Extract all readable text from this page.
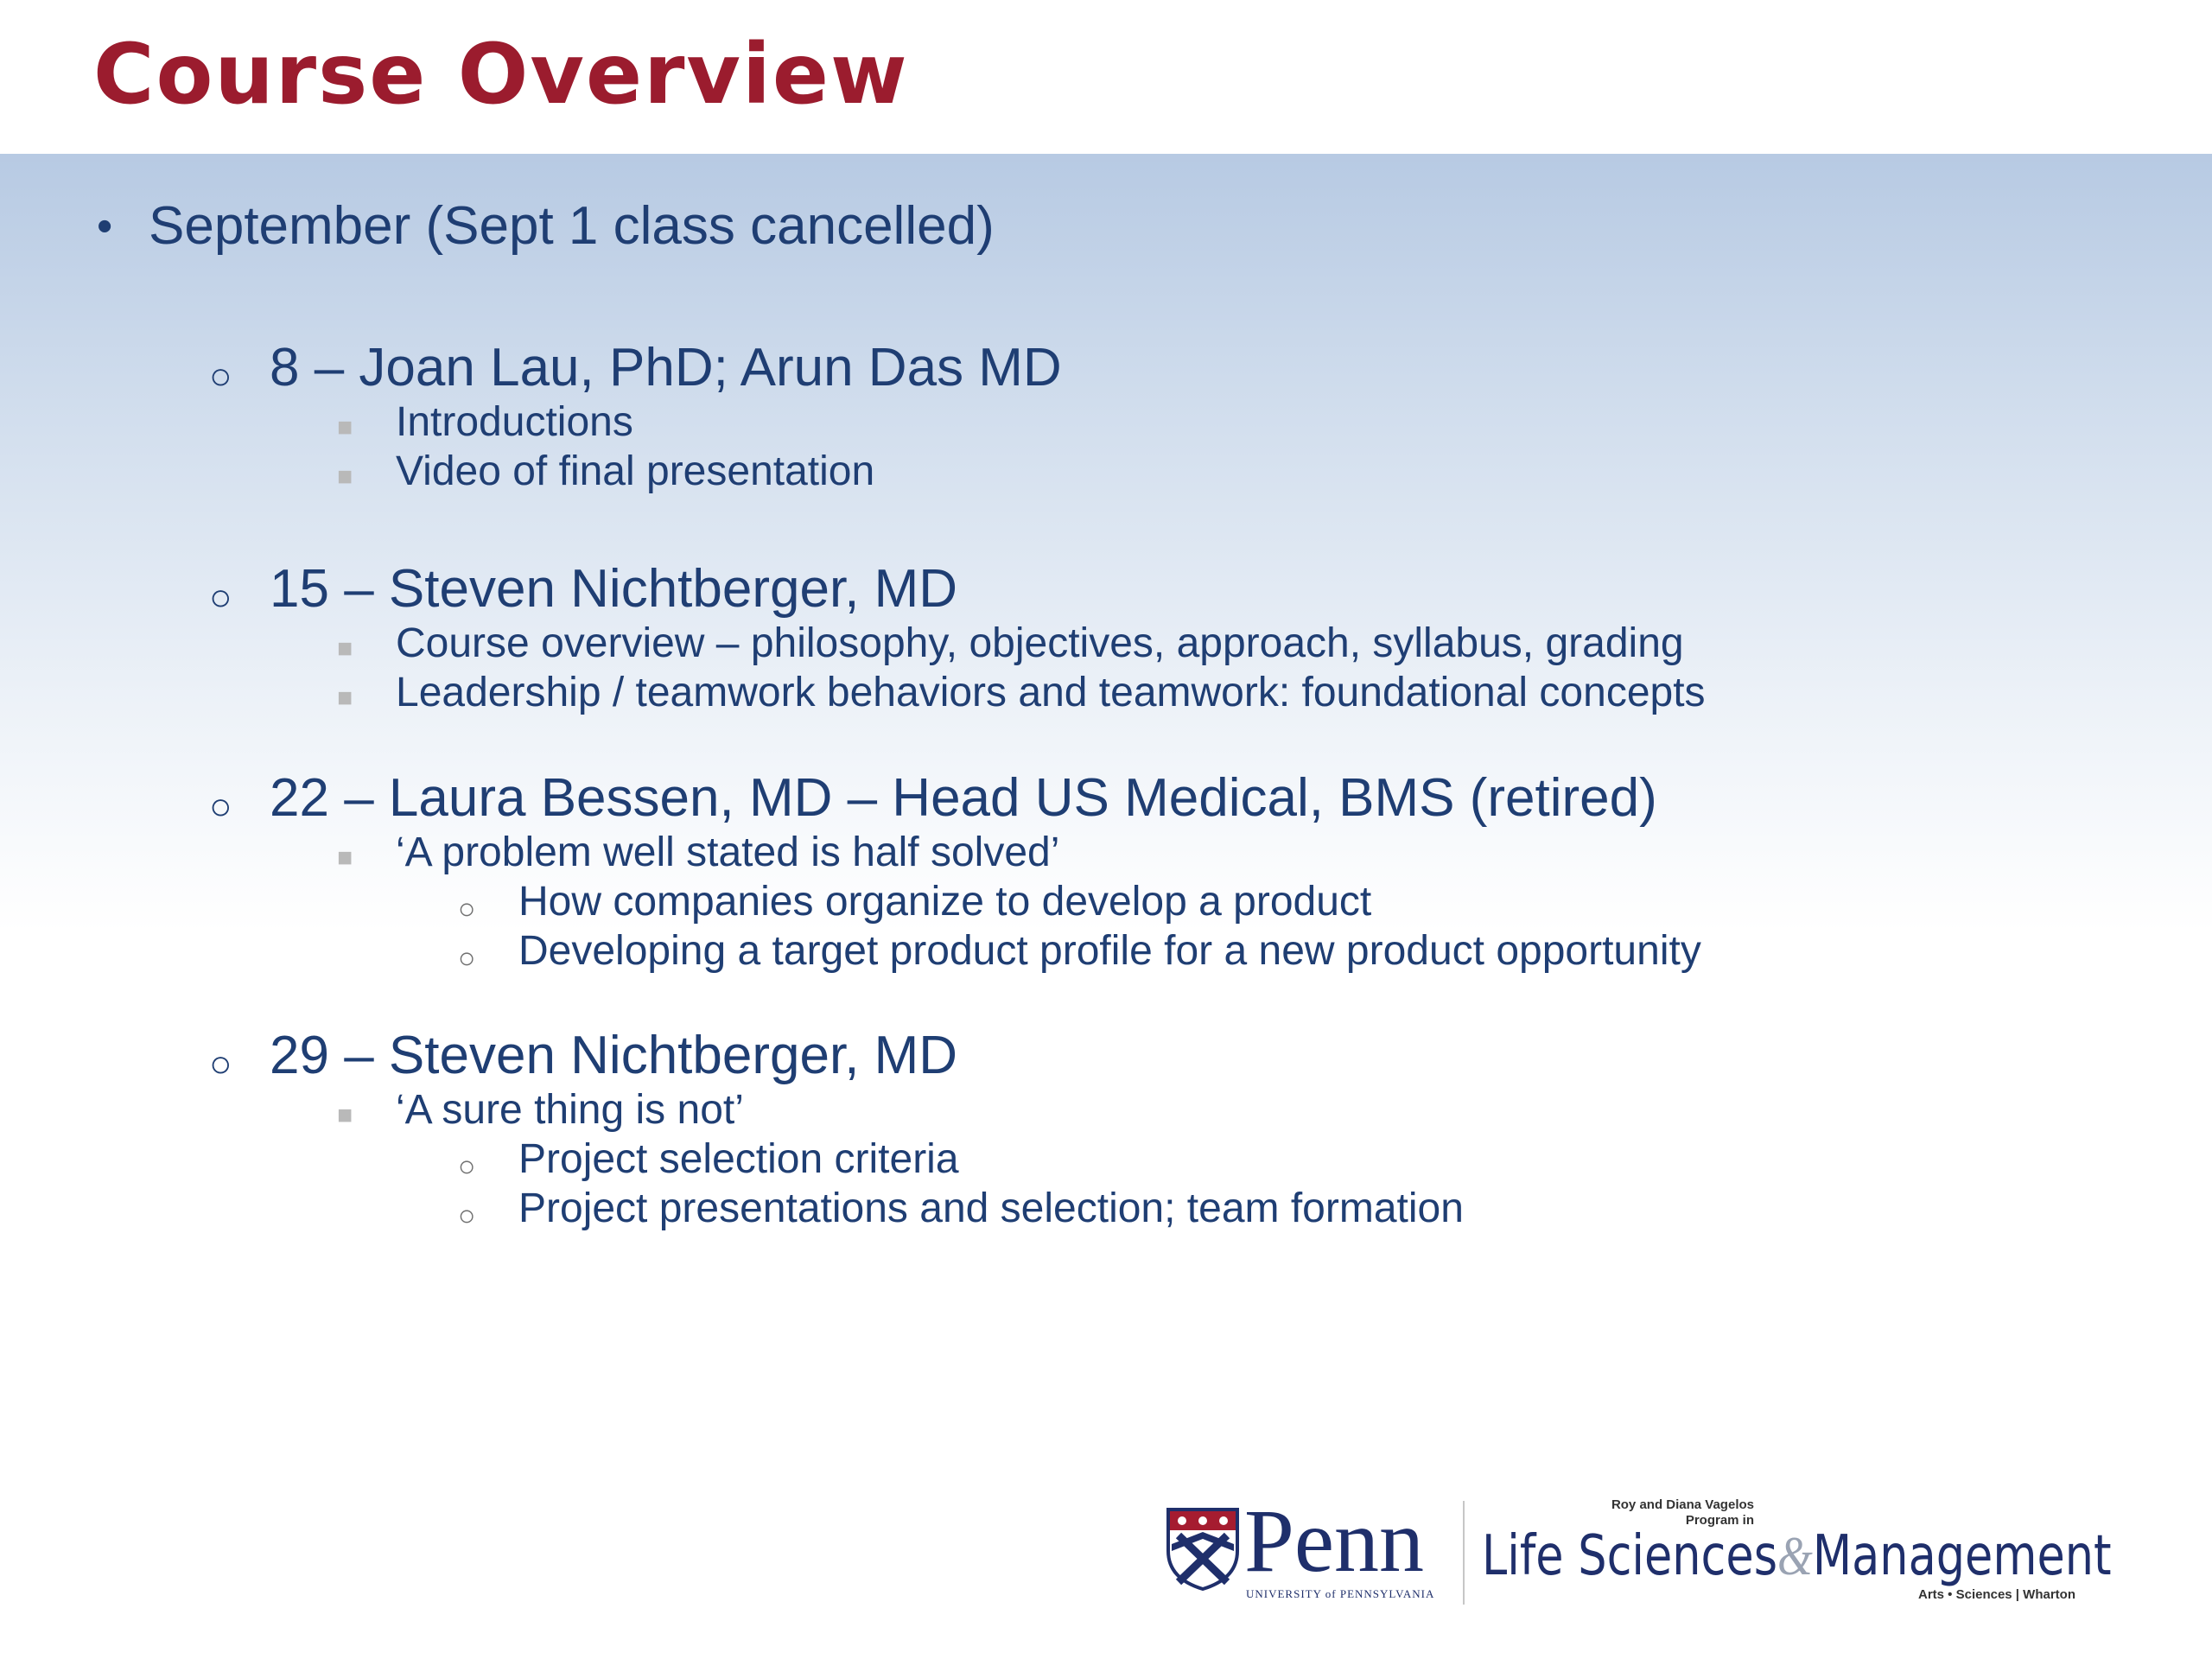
Course Overview
• September (Sept 1 class cancelled)
○ 8 – Joan Lau, PhD; Arun Das MD
■ Introductions
■ Video of final presentation
○ 15 – Steven Nichtberger, MD
■ Course overview – philosophy, objectives, approach, syllabus, grading
■ Leadership / teamwork behaviors and teamwork: foundational concepts
○ 22 – Laura Bessen, MD – Head US Medical, BMS (retired)
■ ‘A problem well stated is half solved’
○ How companies organize to develop a product
○ Developing a target product profile for a new product opportunity
○ 29 – Steven Nichtberger, MD
■ ‘A sure thing is not’
○ Project selection criteria
○ Project presentations and selection; team formation
Penn
UNIVERSITY of PENNSYLVANIA
Roy and Diana Vagelos
Program in
Life Sciences&Management
Arts • Sciences | Wharton
